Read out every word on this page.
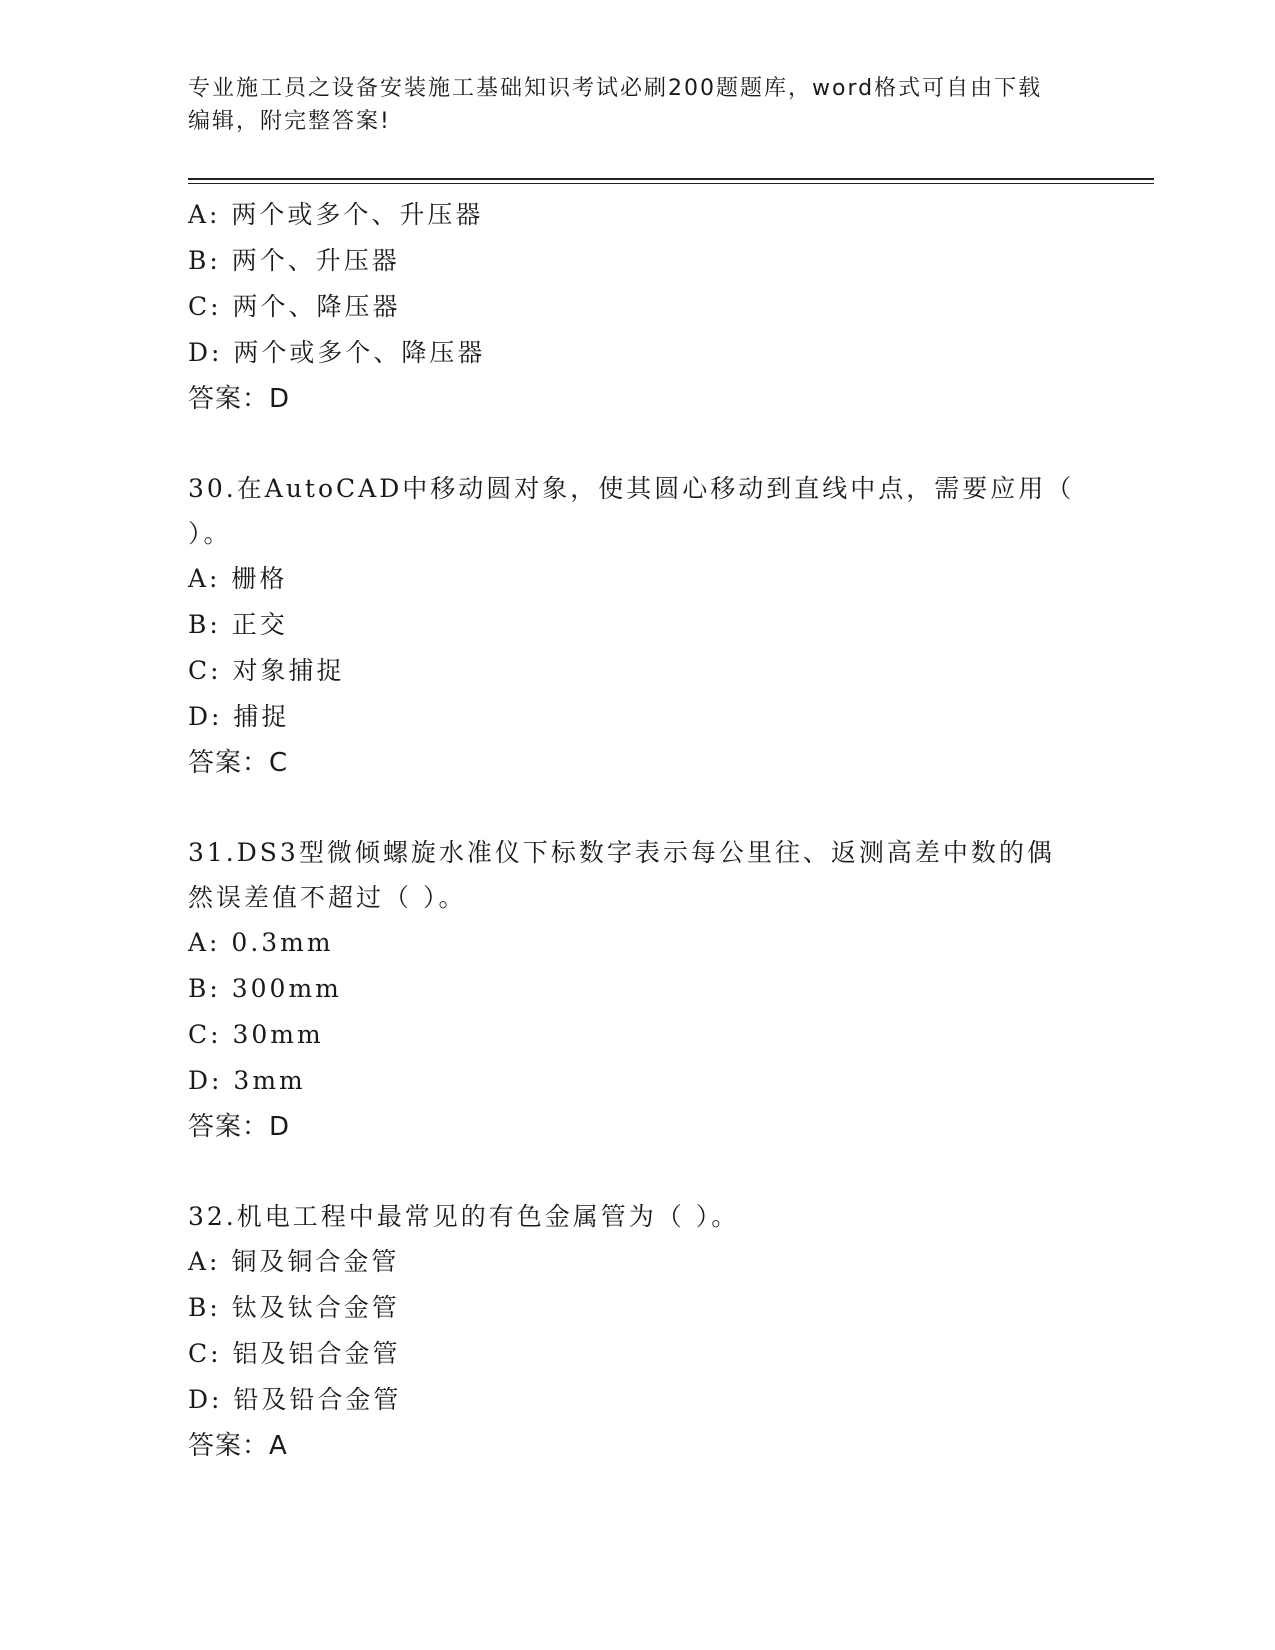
专业施工员之设备安装施工基础知识考试必刷200题题库，word格式可自由下载
编辑，附完整答案!
A: 两个或多个、升压器
B: 两个、升压器
C: 两个、降压器
D: 两个或多个、降压器
答案：D
30.在AutoCAD中移动圆对象，使其圆心移动到直线中点，需要应用（
）。
A: 栅格
B: 正交
C: 对象捕捉
D: 捕捉
答案：C
31.DS3型微倾螺旋水准仪下标数字表示每公里往、返测高差中数的偶
然误差值不超过（ ）。
A: 0.3mm
B: 300mm
C: 30mm
D: 3mm
答案：D
32.机电工程中最常见的有色金属管为（ ）。
A: 铜及铜合金管
B: 钛及钛合金管
C: 铝及铝合金管
D: 铅及铅合金管
答案：A
